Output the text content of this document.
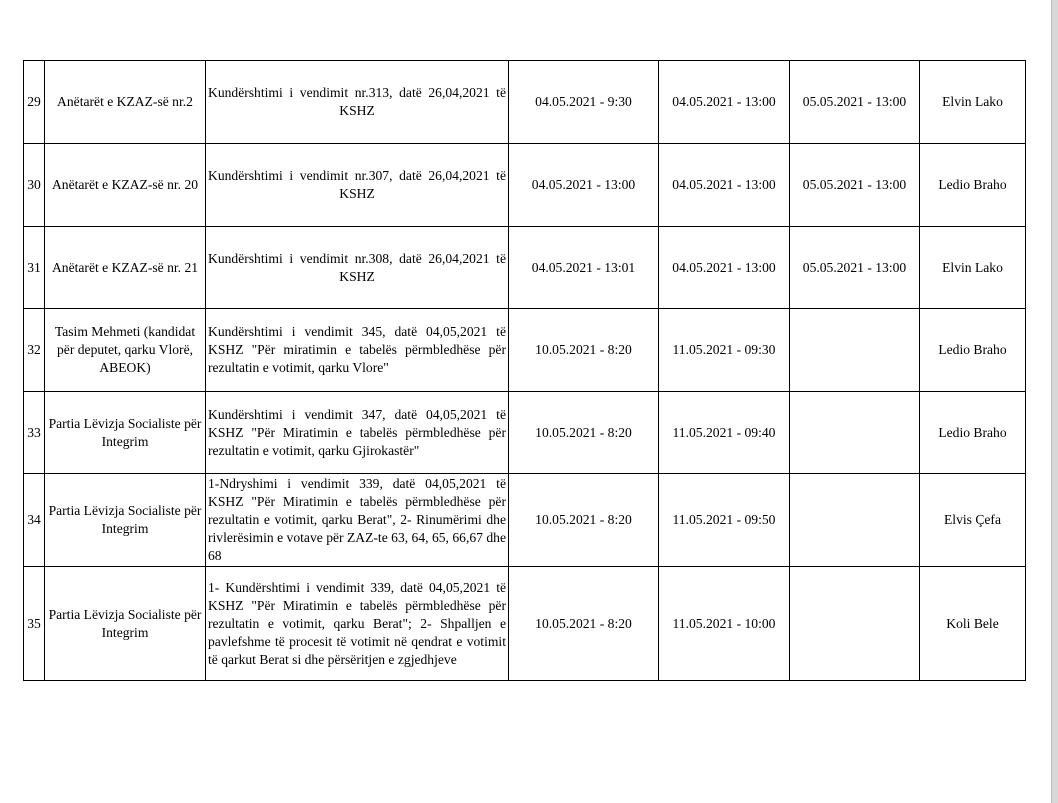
29	Anëtarët e KZAZ-së nr.2	Kundërshtimi i vendimit nr.313, datë 26,04,2021 të KSHZ	04.05.2021 - 9:30	04.05.2021 - 13:00	05.05.2021 - 13:00	Elvin Lako
30	Anëtarët e KZAZ-së nr. 20	Kundërshtimi i vendimit nr.307, datë 26,04,2021 të KSHZ	04.05.2021 - 13:00	04.05.2021 - 13:00	05.05.2021 - 13:00	Ledio Braho
31	Anëtarët e KZAZ-së nr. 21	Kundërshtimi i vendimit nr.308, datë 26,04,2021 të KSHZ	04.05.2021 - 13:01	04.05.2021 - 13:00	05.05.2021 - 13:00	Elvin Lako
32	Tasim Mehmeti (kandidat për deputet, qarku Vlorë, ABEOK)	Kundërshtimi i vendimit 345, datë 04,05,2021 të KSHZ "Për miratimin e tabelës përmbledhëse për rezultatin e votimit, qarku Vlore"	10.05.2021 - 8:20	11.05.2021 - 09:30		Ledio Braho
33	Partia Lëvizja Socialiste për Integrim	Kundërshtimi i vendimit 347, datë 04,05,2021 të KSHZ "Për Miratimin e tabelës përmbledhëse për rezultatin e votimit, qarku Gjirokastër"	10.05.2021 - 8:20	11.05.2021 - 09:40		Ledio Braho
34	Partia Lëvizja Socialiste për Integrim	1-Ndryshimi i vendimit 339, datë 04,05,2021 të KSHZ "Për Miratimin e tabelës përmbledhëse për rezultatin e votimit, qarku Berat", 2- Rinumërimi dhe rivlerësimin e votave për ZAZ-te 63, 64, 65, 66,67 dhe 68	10.05.2021 - 8:20	11.05.2021 - 09:50		Elvis Çefa
35	Partia Lëvizja Socialiste për Integrim	1- Kundërshtimi i vendimit 339, datë 04,05,2021 të KSHZ "Për Miratimin e tabelës përmbledhëse për rezultatin e votimit, qarku Berat"; 2- Shpalljen e pavlefshme të procesit të votimit në qendrat e votimit të qarkut Berat si dhe përsëritjen e zgjedhjeve	10.05.2021 - 8:20	11.05.2021 - 10:00		Koli Bele
